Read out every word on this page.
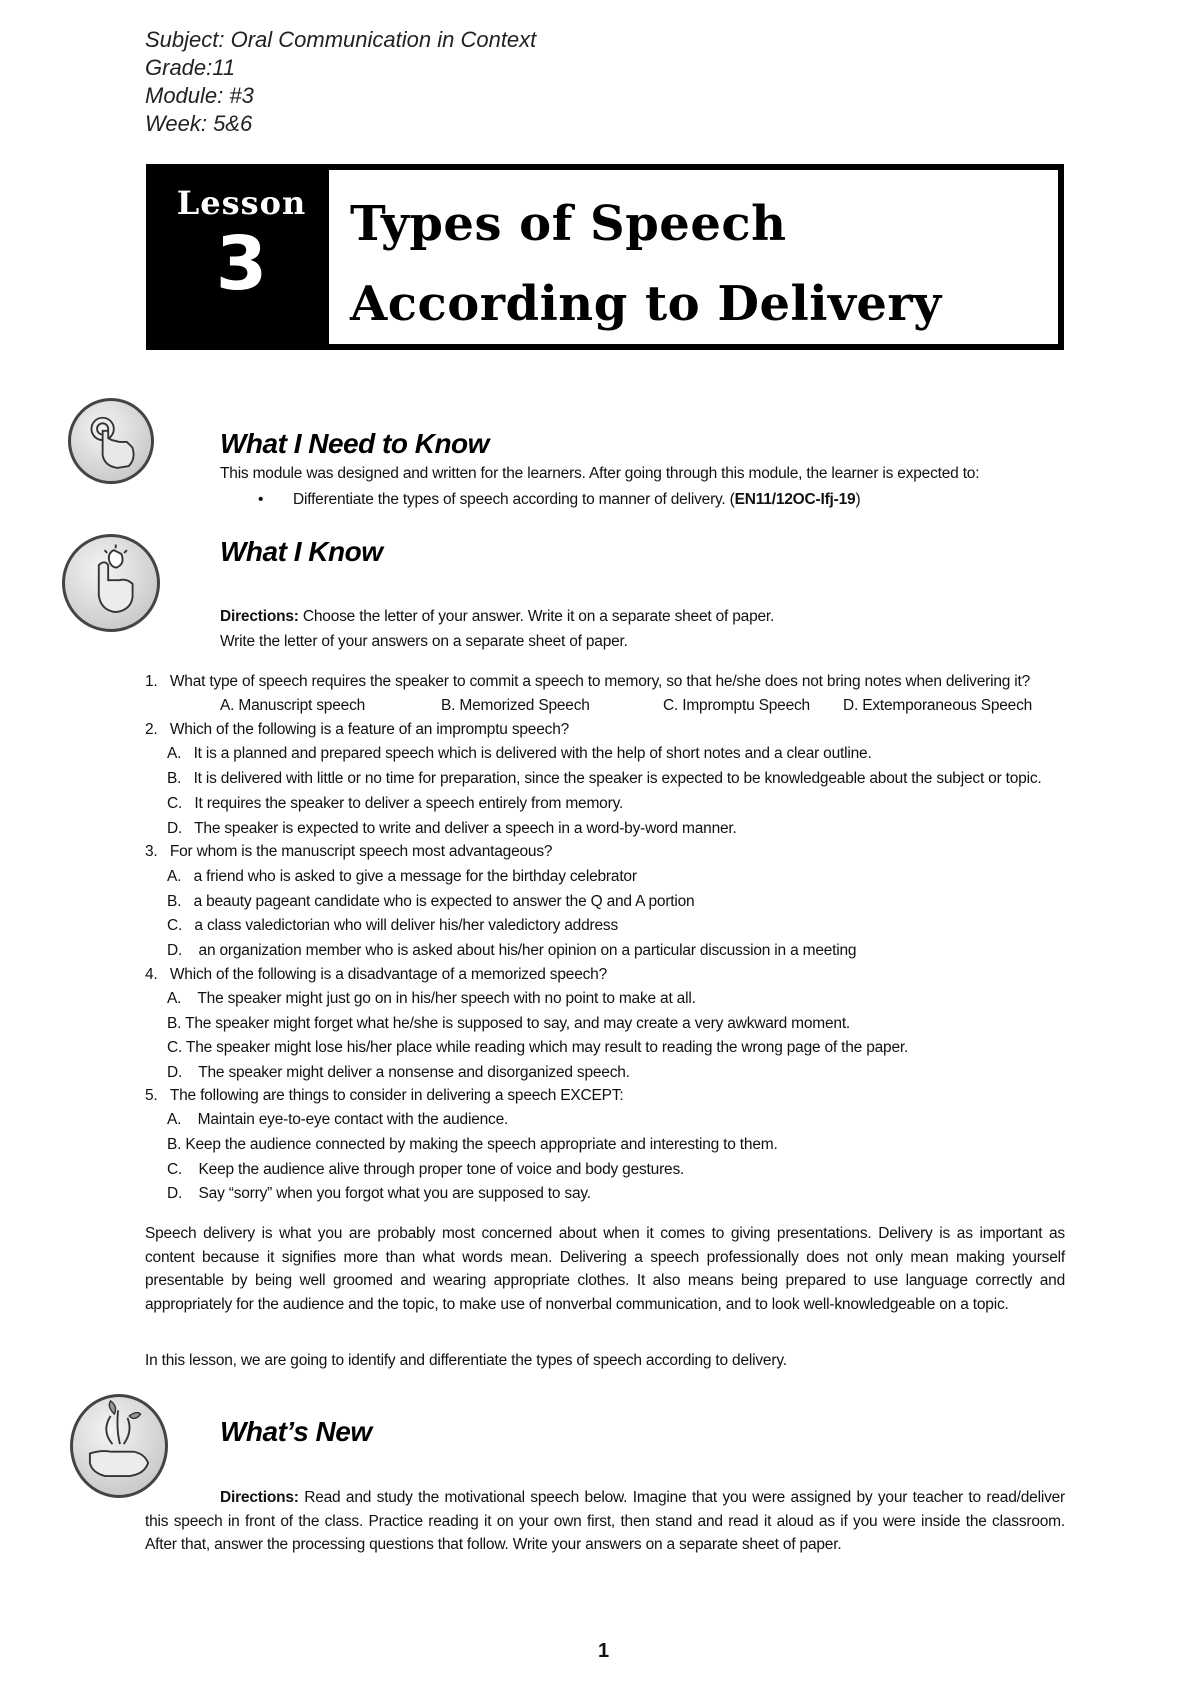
Subject: Oral Communication in Context
Grade:11
Module: #3
Week: 5&6
Lesson
3	Types of Speech
According to Delivery
What I Need to Know
This module was designed and written for the learners. After going through this module, the learner is expected to:
• Differentiate the types of speech according to manner of delivery. (EN11/12OC-Ifj-19)
What I Know
Directions: Choose the letter of your answer. Write it on a separate sheet of paper.
Write the letter of your answers on a separate sheet of paper.
1. What type of speech requires the speaker to commit a speech to memory, so that he/she does not bring notes when delivering it?
A. Manuscript speech	B. Memorized Speech	C. Impromptu Speech D. Extemporaneous Speech
2. Which of the following is a feature of an impromptu speech?
A.   It is a planned and prepared speech which is delivered with the help of short notes and a clear outline.
B.   It is delivered with little or no time for preparation, since the speaker is expected to be knowledgeable about the subject or topic.
C.   It requires the speaker to deliver a speech entirely from memory.
D.   The speaker is expected to write and deliver a speech in a word-by-word manner.
3. For whom is the manuscript speech most advantageous?
A.   a friend who is asked to give a message for the birthday celebrator
B.   a beauty pageant candidate who is expected to answer the Q and A portion
C.   a class valedictorian who will deliver his/her valedictory address
D.    an organization member who is asked about his/her opinion on a particular discussion in a meeting
4. Which of the following is a disadvantage of a memorized speech?
A.    The speaker might just go on in his/her speech with no point to make at all.
B. The speaker might forget what he/she is supposed to say, and may create a very awkward moment.
C. The speaker might lose his/her place while reading which may result to reading the wrong page of the paper.
D.    The speaker might deliver a nonsense and disorganized speech.
5. The following are things to consider in delivering a speech EXCEPT:
A.    Maintain eye-to-eye contact with the audience.
B. Keep the audience connected by making the speech appropriate and interesting to them.
C.    Keep the audience alive through proper tone of voice and body gestures.
D.    Say “sorry” when you forgot what you are supposed to say.
Speech delivery is what you are probably most concerned about when it comes to giving presentations. Delivery is as important as content because it signifies more than what words mean. Delivering a speech professionally does not only mean making yourself presentable by being well groomed and wearing appropriate clothes. It also means being prepared to use language correctly and appropriately for the audience and the topic, to make use of nonverbal communication, and to look well-knowledgeable on a topic.
In this lesson, we are going to identify and differentiate the types of speech according to delivery.
What’s New
Directions: Read and study the motivational speech below. Imagine that you were assigned by your teacher to read/deliver this speech in front of the class. Practice reading it on your own first, then stand and read it aloud as if you were inside the classroom. After that, answer the processing questions that follow. Write your answers on a separate sheet of paper.
1
